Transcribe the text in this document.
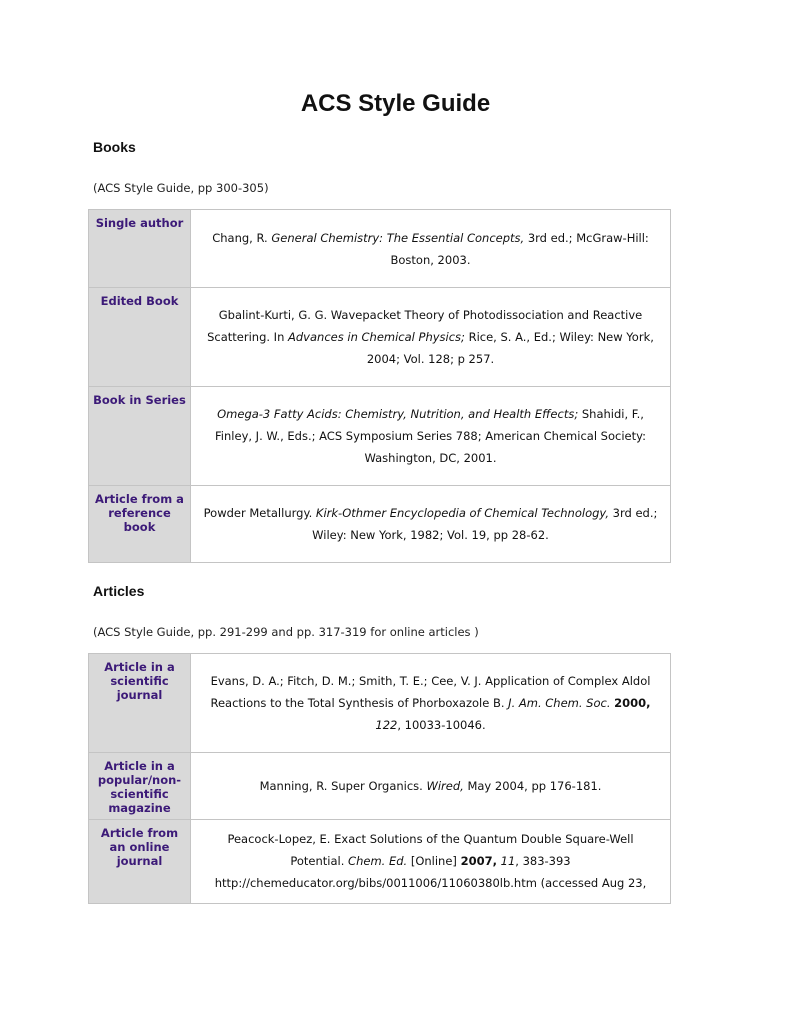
ACS Style Guide
Books

(ACS Style Guide, pp 300-305)

Single author	Chang, R. General Chemistry: The Essential Concepts, 3rd ed.; McGraw-Hill: Boston, 2003.

Edited Book	Gbalint-Kurti, G. G. Wavepacket Theory of Photodissociation and Reactive Scattering. In Advances in Chemical Physics; Rice, S. A., Ed.; Wiley: New York, 2004; Vol. 128; p 257.

Book in Series	Omega-3 Fatty Acids: Chemistry, Nutrition, and Health Effects; Shahidi, F., Finley, J. W., Eds.; ACS Symposium Series 788; American Chemical Society: Washington, DC, 2001.

Article from a reference book	Powder Metallurgy. Kirk-Othmer Encyclopedia of Chemical Technology, 3rd ed.; Wiley: New York, 1982; Vol. 19, pp 28-62.
Articles

(ACS Style Guide, pp. 291-299 and pp. 317-319 for online articles )

Article in a scientific journal	Evans, D. A.; Fitch, D. M.; Smith, T. E.; Cee, V. J. Application of Complex Aldol Reactions to the Total Synthesis of Phorboxazole B. J. Am. Chem. Soc. 2000, 122, 10033-10046.

Article in a popular/non-scientific magazine	Manning, R. Super Organics. Wired, May 2004, pp 176-181.

Article from an online journal	Peacock-Lopez, E. Exact Solutions of the Quantum Double Square-Well Potential. Chem. Ed. [Online] 2007, 11, 383-393 http://chemeducator.org/bibs/0011006/11060380lb.htm (accessed Aug 23,
